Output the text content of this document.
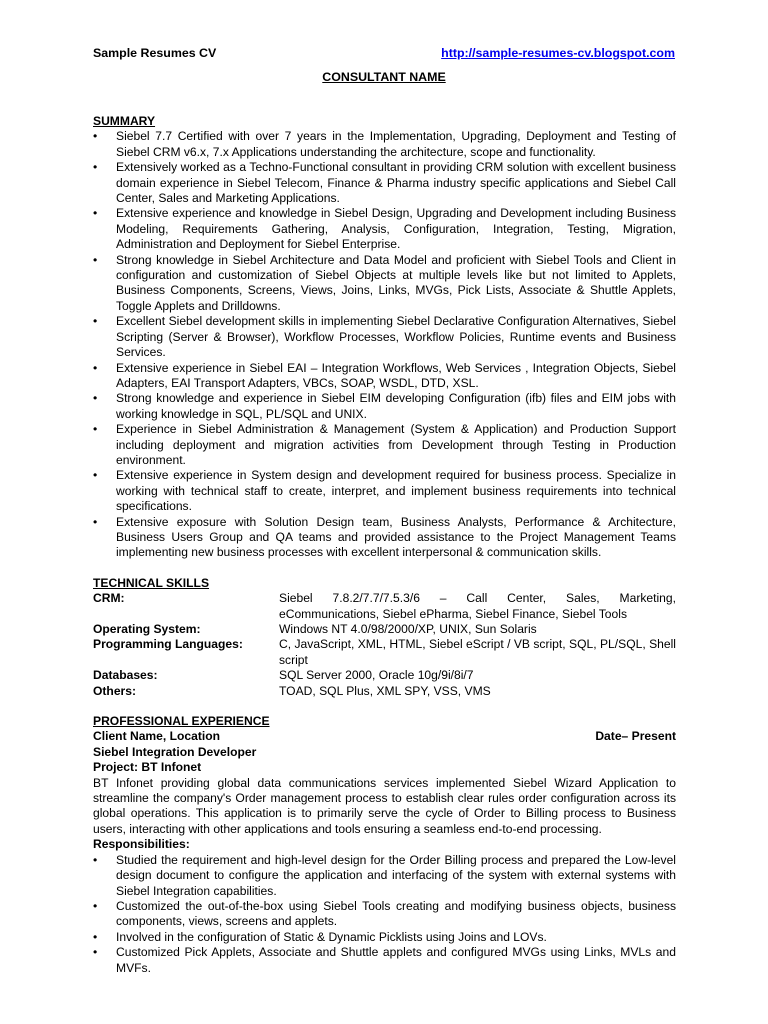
Sample Resumes CV	http://sample-resumes-cv.blogspot.com
CONSULTANT NAME
SUMMARY
• Siebel 7.7 Certified with over 7 years in the Implementation, Upgrading, Deployment and Testing of Siebel CRM v6.x, 7.x Applications understanding the architecture, scope and functionality.
• Extensively worked as a Techno-Functional consultant in providing CRM solution with excellent business domain experience in Siebel Telecom, Finance & Pharma industry specific applications and Siebel Call Center, Sales and Marketing Applications.
• Extensive experience and knowledge in Siebel Design, Upgrading and Development including Business Modeling, Requirements Gathering, Analysis, Configuration, Integration, Testing, Migration, Administration and Deployment for Siebel Enterprise.
• Strong knowledge in Siebel Architecture and Data Model and proficient with Siebel Tools and Client in configuration and customization of Siebel Objects at multiple levels like but not limited to Applets, Business Components, Screens, Views, Joins, Links, MVGs, Pick Lists, Associate & Shuttle Applets, Toggle Applets and Drilldowns.
• Excellent Siebel development skills in implementing Siebel Declarative Configuration Alternatives, Siebel Scripting (Server & Browser), Workflow Processes, Workflow Policies, Runtime events and Business Services.
• Extensive experience in Siebel EAI – Integration Workflows, Web Services , Integration Objects, Siebel Adapters, EAI Transport Adapters, VBCs, SOAP, WSDL, DTD, XSL.
• Strong knowledge and experience in Siebel EIM developing Configuration (ifb) files and EIM jobs with working knowledge in SQL, PL/SQL and UNIX.
• Experience in Siebel Administration & Management (System & Application) and Production Support including deployment and migration activities from Development through Testing in Production environment.
• Extensive experience in System design and development required for business process. Specialize in working with technical staff to create, interpret, and implement business requirements into technical specifications.
• Extensive exposure with Solution Design team, Business Analysts, Performance & Architecture, Business Users Group and QA teams and provided assistance to the Project Management Teams implementing new business processes with excellent interpersonal & communication skills.
TECHNICAL SKILLS
CRM:	Siebel 7.8.2/7.7/7.5.3/6 – Call Center, Sales, Marketing, eCommunications, Siebel ePharma, Siebel Finance, Siebel Tools
Operating System:	Windows NT 4.0/98/2000/XP, UNIX, Sun Solaris
Programming Languages:	C, JavaScript, XML, HTML, Siebel eScript / VB script, SQL, PL/SQL, Shell script
Databases:	SQL Server 2000, Oracle 10g/9i/8i/7
Others:	TOAD, SQL Plus, XML SPY, VSS, VMS
PROFESSIONAL EXPERIENCE
Client Name, Location	Date– Present
Siebel Integration Developer
Project: BT Infonet
BT Infonet providing global data communications services implemented Siebel Wizard Application to streamline the company's Order management process to establish clear rules order configuration across its global operations. This application is to primarily serve the cycle of Order to Billing process to Business users, interacting with other applications and tools ensuring a seamless end-to-end processing.
Responsibilities:
• Studied the requirement and high-level design for the Order Billing process and prepared the Low-level design document to configure the application and interfacing of the system with external systems with Siebel Integration capabilities.
• Customized the out-of-the-box using Siebel Tools creating and modifying business objects, business components, views, screens and applets.
• Involved in the configuration of Static & Dynamic Picklists using Joins and LOVs.
• Customized Pick Applets, Associate and Shuttle applets and configured MVGs using Links, MVLs and MVFs.
